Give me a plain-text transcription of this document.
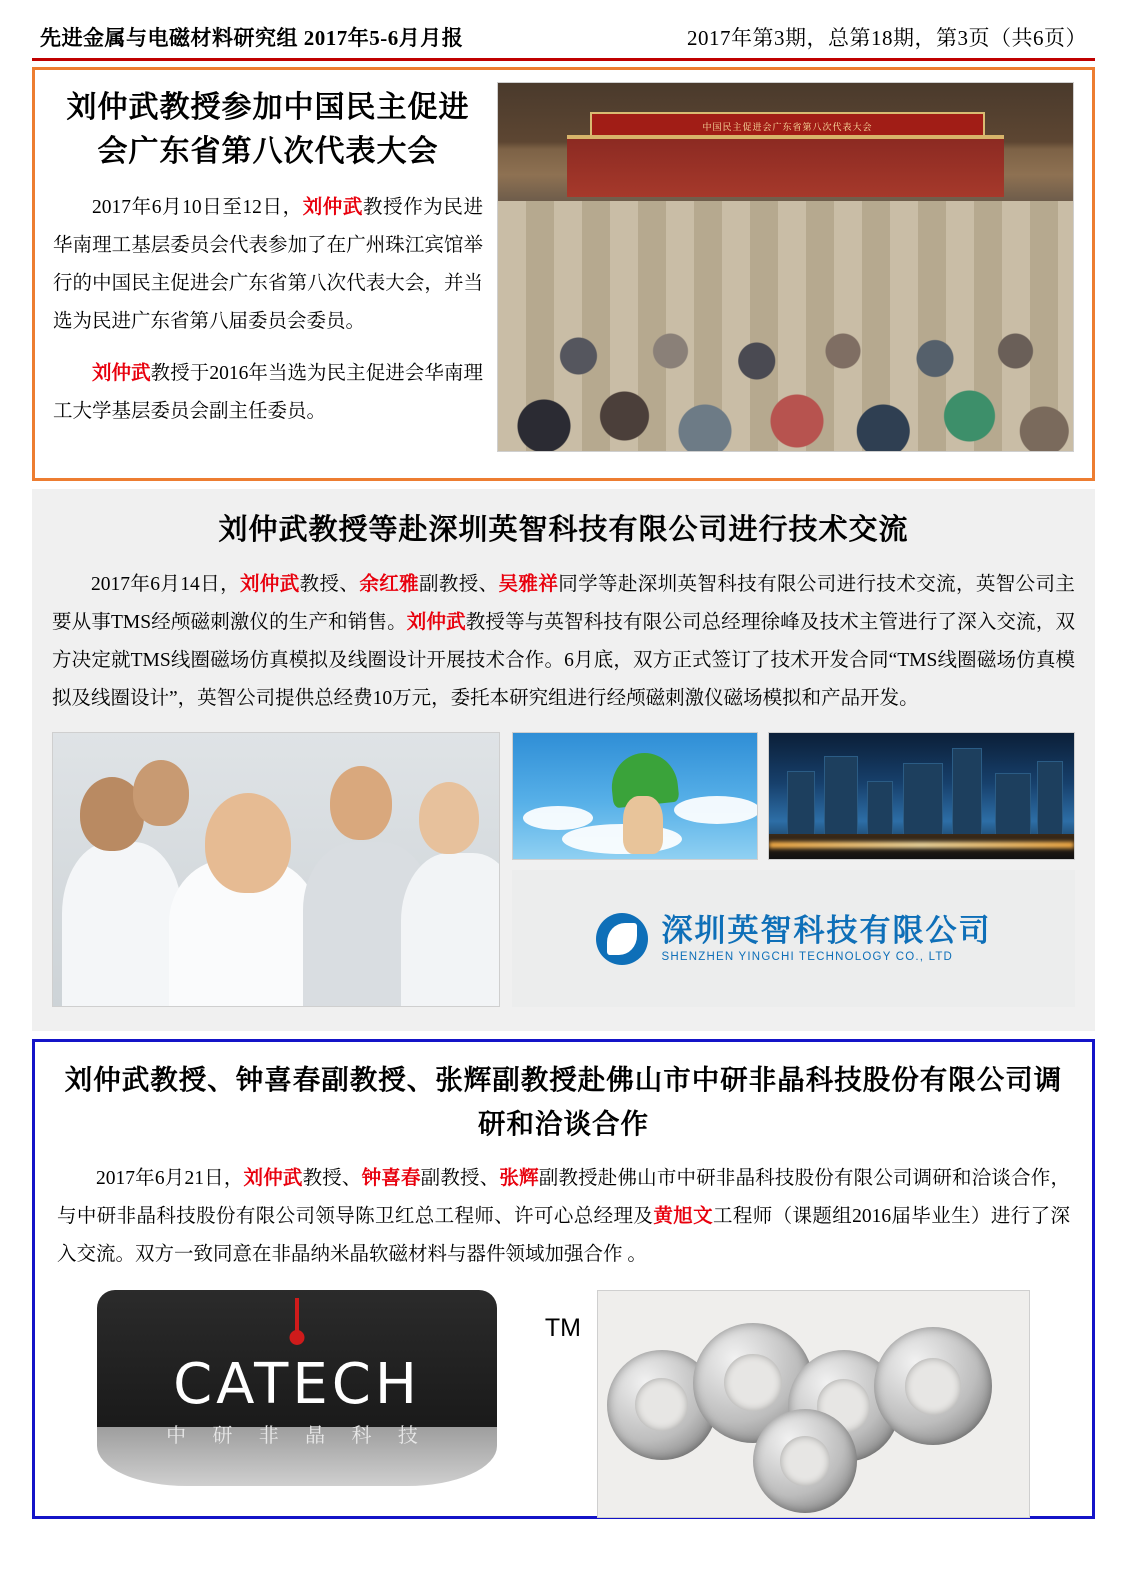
先进金属与电磁材料研究组 2017年5-6月月报	2017年第3期，总第18期，第3页（共6页）
刘仲武教授参加中国民主促进会广东省第八次代表大会

2017年6月10日至12日，刘仲武教授作为民进华南理工基层委员会代表参加了在广州珠江宾馆举行的中国民主促进会广东省第八次代表大会，并当选为民进广东省第八届委员会委员。

刘仲武教授于2016年当选为民主促进会华南理工大学基层委员会副主任委员。

中国民主促进会广东省第八次代表大会
刘仲武教授等赴深圳英智科技有限公司进行技术交流

2017年6月14日，刘仲武教授、余红雅副教授、吴雅祥同学等赴深圳英智科技有限公司进行技术交流，英智公司主要从事TMS经颅磁刺激仪的生产和销售。刘仲武教授等与英智科技有限公司总经理徐峰及技术主管进行了深入交流，双方决定就TMS线圈磁场仿真模拟及线圈设计开展技术合作。6月底，双方正式签订了技术开发合同“TMS线圈磁场仿真模拟及线圈设计”，英智公司提供总经费10万元，委托本研究组进行经颅磁刺激仪磁场模拟和产品开发。

深圳英智科技有限公司
SHENZHEN YINGCHI TECHNOLOGY CO., LTD
刘仲武教授、钟喜春副教授、张辉副教授赴佛山市中研非晶科技股份有限公司调研和洽谈合作

2017年6月21日，刘仲武教授、钟喜春副教授、张辉副教授赴佛山市中研非晶科技股份有限公司调研和洽谈合作，与中研非晶科技股份有限公司领导陈卫红总工程师、许可心总经理及黄旭文工程师（课题组2016届毕业生）进行了深入交流。双方一致同意在非晶纳米晶软磁材料与器件领域加强合作 。

CATECH
中 研 非 晶 科 技
TM
